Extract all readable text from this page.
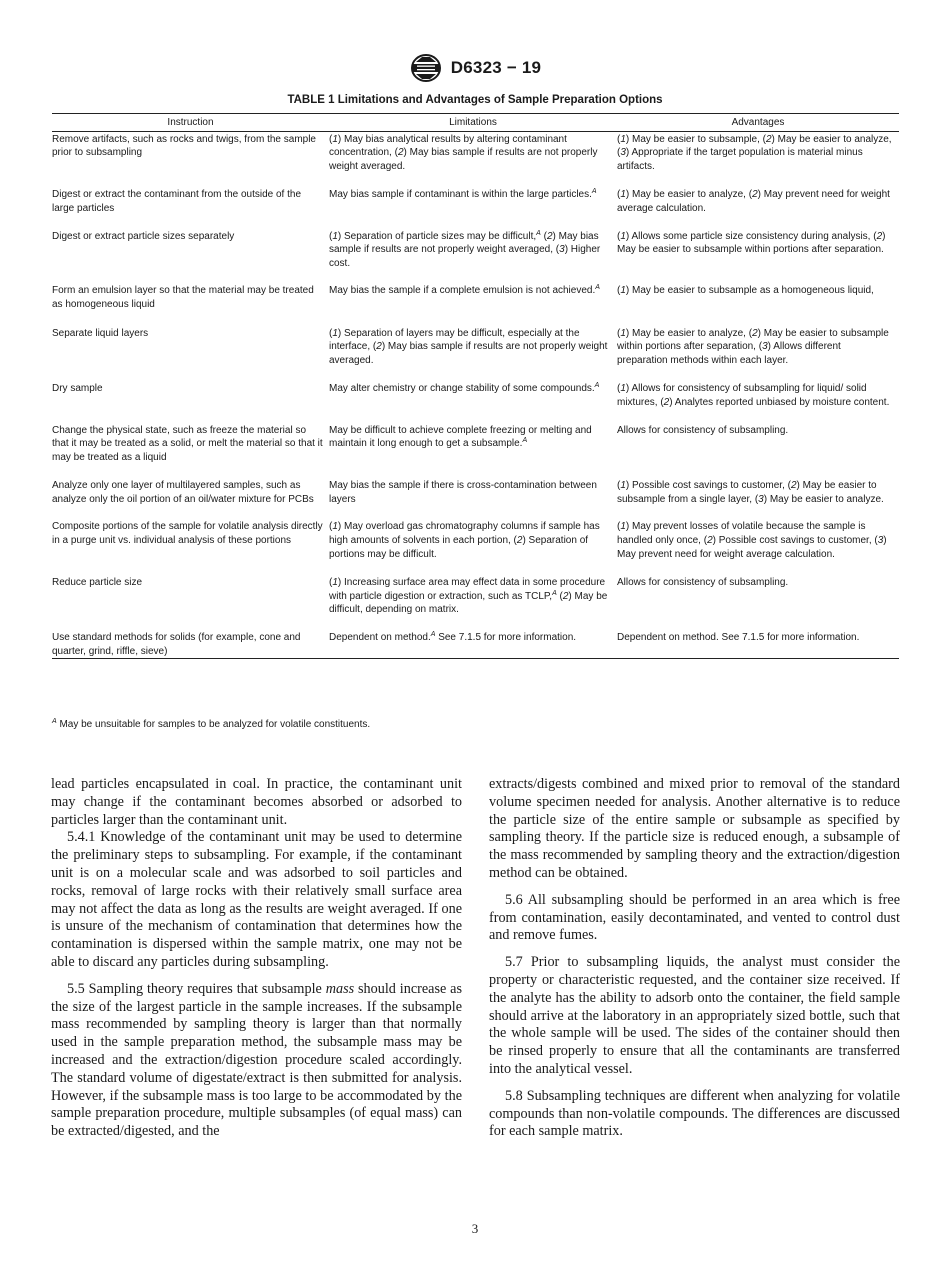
D6323 − 19
TABLE 1 Limitations and Advantages of Sample Preparation Options
Instruction	Limitations	Advantages
Remove artifacts, such as rocks and twigs, from the sample prior to subsampling	(1) May bias analytical results by altering contaminant concentration, (2) May bias sample if results are not properly weight averaged.	(1) May be easier to subsample, (2) May be easier to analyze, (3) Appropriate if the target population is material minus artifacts.
Digest or extract the contaminant from the outside of the large particles	May bias sample if contaminant is within the large particles.$^A$	(1) May be easier to analyze, (2) May prevent need for weight average calculation.
Digest or extract particle sizes separately	(1) Separation of particle sizes may be difficult,$^A$ (2) May bias sample if results are not properly weight averaged, (3) Higher cost.	(1) Allows some particle size consistency during analysis, (2) May be easier to subsample within portions after separation.
Form an emulsion layer so that the material may be treated as homogeneous liquid	May bias the sample if a complete emulsion is not achieved.$^A$	(1) May be easier to subsample as a homogeneous liquid,
Separate liquid layers	(1) Separation of layers may be difficult, especially at the interface, (2) May bias sample if results are not properly weight averaged.	(1) May be easier to analyze, (2) May be easier to subsample within portions after separation, (3) Allows different preparation methods within each layer.
Dry sample	May alter chemistry or change stability of some compounds.$^A$	(1) Allows for consistency of subsampling for liquid/ solid mixtures, (2) Analytes reported unbiased by moisture content.
Change the physical state, such as freeze the material so that it may be treated as a solid, or melt the material so that it may be treated as a liquid	May be difficult to achieve complete freezing or melting and maintain it long enough to get a subsample.$^A$	Allows for consistency of subsampling.
Analyze only one layer of multilayered samples, such as analyze only the oil portion of an oil/water mixture for PCBs	May bias the sample if there is cross-contamination between layers	(1) Possible cost savings to customer, (2) May be easier to subsample from a single layer, (3) May be easier to analyze.
Composite portions of the sample for volatile analysis directly in a purge unit vs. individual analysis of these portions	(1) May overload gas chromatography columns if sample has high amounts of solvents in each portion, (2) Separation of portions may be difficult.	(1) May prevent losses of volatile because the sample is handled only once, (2) Possible cost savings to customer, (3) May prevent need for weight average calculation.
Reduce particle size	(1) Increasing surface area may effect data in some procedure with particle digestion or extraction, such as TCLP,$^A$ (2) May be difficult, depending on matrix.	Allows for consistency of subsampling.
Use standard methods for solids (for example, cone and quarter, grind, riffle, sieve)	Dependent on method.$^A$ See 7.1.5 for more information.	Dependent on method. See 7.1.5 for more information.
$^A$ May be unsuitable for samples to be analyzed for volatile constituents.

lead particles encapsulated in coal. In practice, the contaminant unit may change if the contaminant becomes absorbed or adsorbed to particles larger than the contaminant unit.

5.4.1 Knowledge of the contaminant unit may be used to determine the preliminary steps to subsampling. For example, if the contaminant unit is on a molecular scale and was adsorbed to soil particles and rocks, removal of large rocks with their relatively small surface area may not affect the data as long as the results are weight averaged. If one is unsure of the mechanism of contamination that determines how the contamination is dispersed within the sample matrix, one may not be able to discard any particles during subsampling.

5.5 Sampling theory requires that subsample mass should increase as the size of the largest particle in the sample increases. If the subsample mass recommended by sampling theory is larger than that normally used in the sample preparation method, the subsample mass may be increased and the extraction/digestion procedure scaled accordingly. The standard volume of digestate/extract is then submitted for analysis. However, if the subsample mass is too large to be accommodated by the sample preparation procedure, multiple subsamples (of equal mass) can be extracted/digested, and the

extracts/digests combined and mixed prior to removal of the standard volume specimen needed for analysis. Another alternative is to reduce the particle size of the entire sample or subsample as specified by sampling theory. If the particle size is reduced enough, a subsample of the mass recommended by sampling theory and the extraction/digestion method can be obtained.

5.6 All subsampling should be performed in an area which is free from contamination, easily decontaminated, and vented to control dust and remove fumes.

5.7 Prior to subsampling liquids, the analyst must consider the property or characteristic requested, and the container size received. If the analyte has the ability to adsorb onto the container, the field sample should arrive at the laboratory in an appropriately sized bottle, such that the whole sample will be used. The sides of the container should then be rinsed properly to ensure that all the contaminants are transferred into the analytical vessel.

5.8 Subsampling techniques are different when analyzing for volatile compounds than non-volatile compounds. The differences are discussed for each sample matrix.

3
